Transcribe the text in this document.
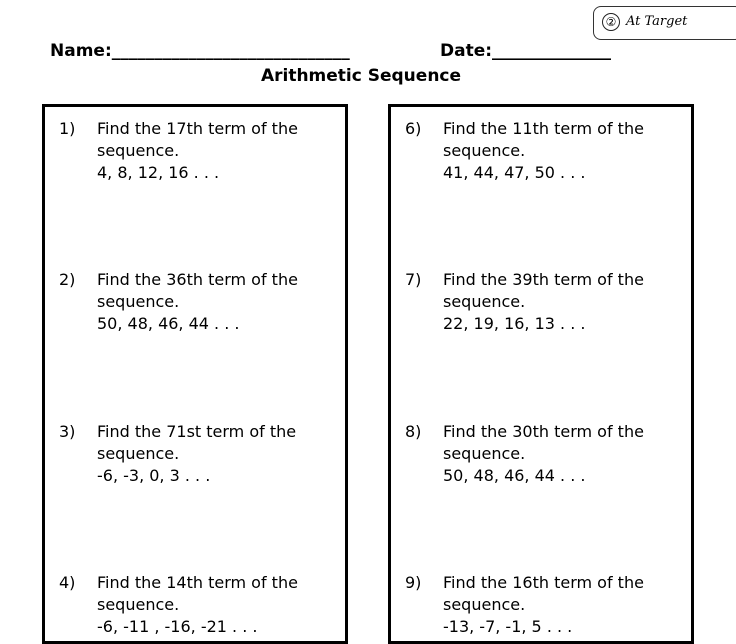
② At Target
Name:____________________________	Date:______________
Arithmetic Sequence
1) Find the 17th term of the
sequence.
4, 8, 12, 16 . . .
2) Find the 36th term of the
sequence.
50, 48, 46, 44 . . .
3) Find the 71st term of the
sequence.
-6, -3, 0, 3 . . .
4) Find the 14th term of the
sequence.
-6, -11 , -16, -21 . . .
6) Find the 11th term of the
sequence.
41, 44, 47, 50 . . .
7) Find the 39th term of the
sequence.
22, 19, 16, 13 . . .
8) Find the 30th term of the
sequence.
50, 48, 46, 44 . . .
9) Find the 16th term of the
sequence.
-13, -7, -1, 5 . . .
